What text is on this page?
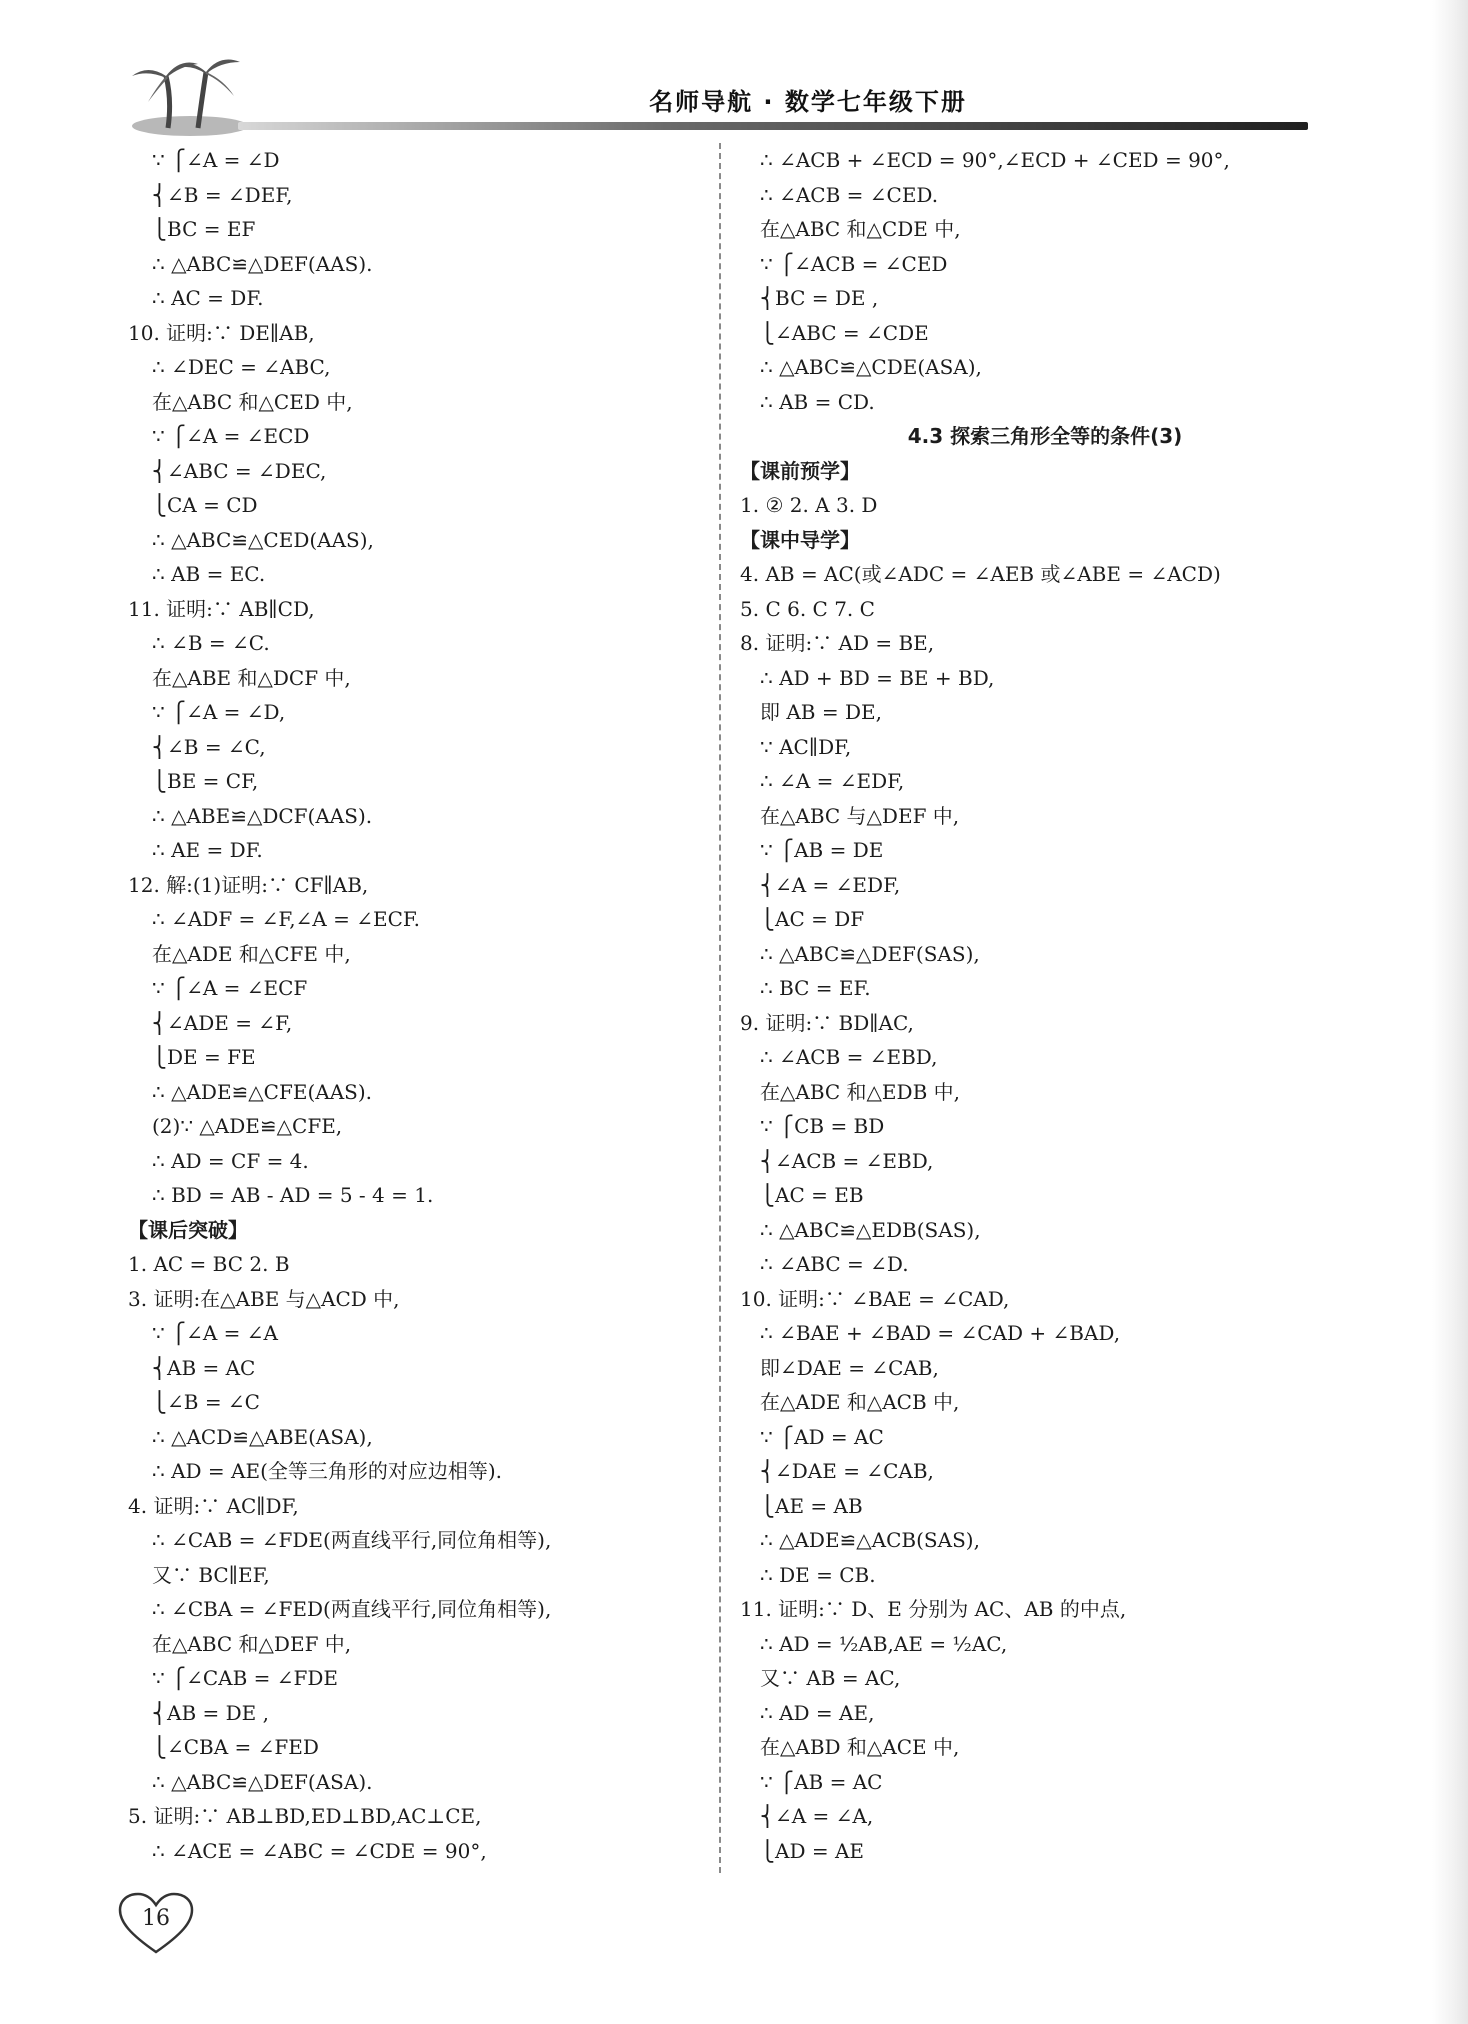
名师导航 · 数学七年级下册
∵ ⎧∠A = ∠D
⎨∠B = ∠DEF,
⎩BC = EF
∴ △ABC≌△DEF(AAS).
∴ AC = DF.
10. 证明:∵ DE∥AB,
∴ ∠DEC = ∠ABC,
在△ABC 和△CED 中,
∵ ⎧∠A = ∠ECD
⎨∠ABC = ∠DEC,
⎩CA = CD
∴ △ABC≌△CED(AAS),
∴ AB = EC.
11. 证明:∵ AB∥CD,
∴ ∠B = ∠C.
在△ABE 和△DCF 中,
∵ ⎧∠A = ∠D,
⎨∠B = ∠C,
⎩BE = CF,
∴ △ABE≌△DCF(AAS).
∴ AE = DF.
12. 解:(1)证明:∵ CF∥AB,
∴ ∠ADF = ∠F,∠A = ∠ECF.
在△ADE 和△CFE 中,
∵ ⎧∠A = ∠ECF
⎨∠ADE = ∠F,
⎩DE = FE
∴ △ADE≌△CFE(AAS).
(2)∵ △ADE≌△CFE,
∴ AD = CF = 4.
∴ BD = AB - AD = 5 - 4 = 1.
【课后突破】
1. AC = BC 2. B
3. 证明:在△ABE 与△ACD 中,
∵ ⎧∠A = ∠A
⎨AB = AC
⎩∠B = ∠C
∴ △ACD≌△ABE(ASA),
∴ AD = AE(全等三角形的对应边相等).
4. 证明:∵ AC∥DF,
∴ ∠CAB = ∠FDE(两直线平行,同位角相等),
又∵ BC∥EF,
∴ ∠CBA = ∠FED(两直线平行,同位角相等),
在△ABC 和△DEF 中,
∵ ⎧∠CAB = ∠FDE
⎨AB = DE ,
⎩∠CBA = ∠FED
∴ △ABC≌△DEF(ASA).
5. 证明:∵ AB⊥BD,ED⊥BD,AC⊥CE,
∴ ∠ACE = ∠ABC = ∠CDE = 90°,
∴ ∠ACB + ∠ECD = 90°,∠ECD + ∠CED = 90°,
∴ ∠ACB = ∠CED.
在△ABC 和△CDE 中,
∵ ⎧∠ACB = ∠CED
⎨BC = DE ,
⎩∠ABC = ∠CDE
∴ △ABC≌△CDE(ASA),
∴ AB = CD.
4.3 探索三角形全等的条件(3)
【课前预学】
1. ② 2. A 3. D
【课中导学】
4. AB = AC(或∠ADC = ∠AEB 或∠ABE = ∠ACD)
5. C 6. C 7. C
8. 证明:∵ AD = BE,
∴ AD + BD = BE + BD,
即 AB = DE,
∵ AC∥DF,
∴ ∠A = ∠EDF,
在△ABC 与△DEF 中,
∵ ⎧AB = DE
⎨∠A = ∠EDF,
⎩AC = DF
∴ △ABC≌△DEF(SAS),
∴ BC = EF.
9. 证明:∵ BD∥AC,
∴ ∠ACB = ∠EBD,
在△ABC 和△EDB 中,
∵ ⎧CB = BD
⎨∠ACB = ∠EBD,
⎩AC = EB
∴ △ABC≌△EDB(SAS),
∴ ∠ABC = ∠D.
10. 证明:∵ ∠BAE = ∠CAD,
∴ ∠BAE + ∠BAD = ∠CAD + ∠BAD,
即∠DAE = ∠CAB,
在△ADE 和△ACB 中,
∵ ⎧AD = AC
⎨∠DAE = ∠CAB,
⎩AE = AB
∴ △ADE≌△ACB(SAS),
∴ DE = CB.
11. 证明:∵ D、E 分别为 AC、AB 的中点,
∴ AD = ½AB,AE = ½AC,
又∵ AB = AC,
∴ AD = AE,
在△ABD 和△ACE 中,
∵ ⎧AB = AC
⎨∠A = ∠A,
⎩AD = AE
16
